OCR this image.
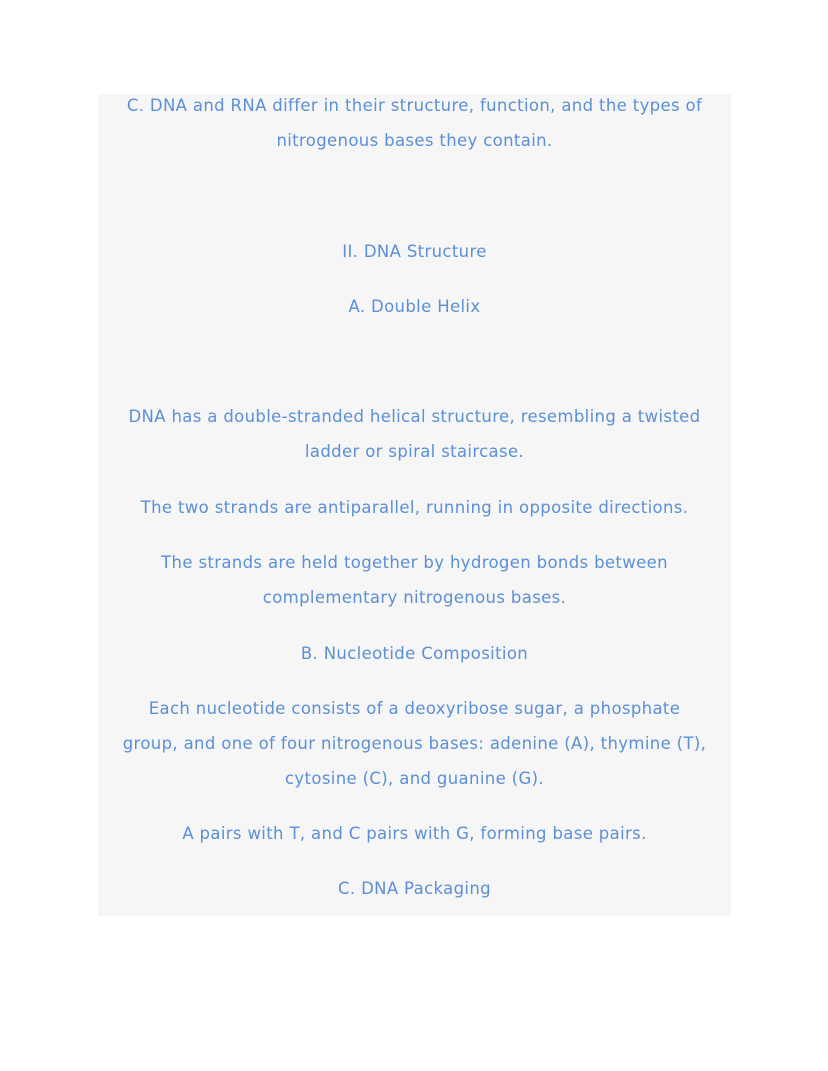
C. DNA and RNA differ in their structure, function, and the types of
nitrogenous bases they contain.
II. DNA Structure
A. Double Helix
DNA has a double-stranded helical structure, resembling a twisted
ladder or spiral staircase.
The two strands are antiparallel, running in opposite directions.
The strands are held together by hydrogen bonds between
complementary nitrogenous bases.
B. Nucleotide Composition
Each nucleotide consists of a deoxyribose sugar, a phosphate
group, and one of four nitrogenous bases: adenine (A), thymine (T),
cytosine (C), and guanine (G).
A pairs with T, and C pairs with G, forming base pairs.
C. DNA Packaging
